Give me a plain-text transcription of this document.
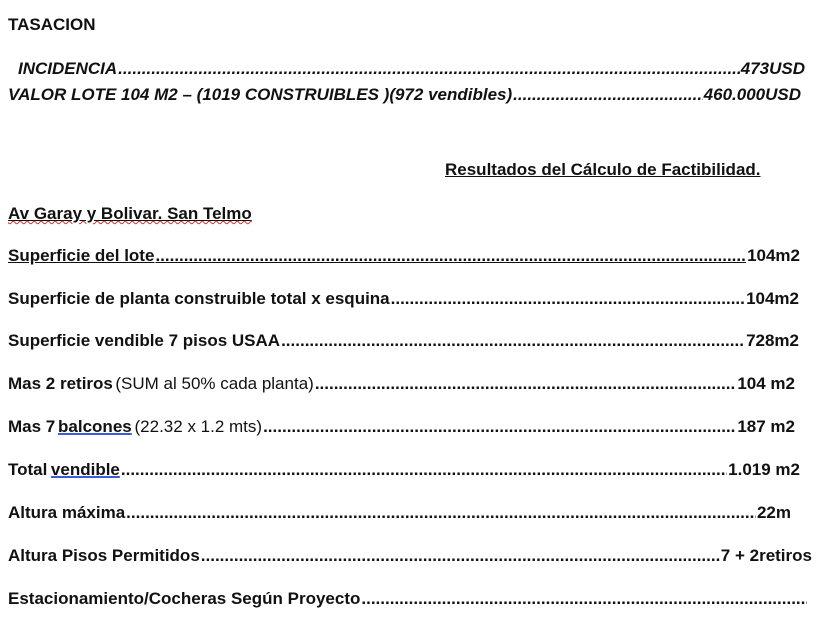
TASACION
INCIDENCIA .....	473USD
VALOR LOTE 104 M2 – (1019 CONSTRUIBLES )(972 vendibles) .....	460.000USD
Resultados del Cálculo de Factibilidad.
Av Garay y Bolivar. San Telmo
Superficie del lote .....	104m2
Superficie de planta construible total x esquina .....	104m2
Superficie vendible 7 pisos USAA .....	728m2
Mas 2 retiros (SUM al 50% cada planta) .....	104 m2
Mas 7 balcones (22.32 x 1.2 mts) .....	187 m2
Total vendible .....	1.019 m2
Altura máxima .....	22m
Altura Pisos Permitidos .....	7 + 2retiros
Estacionamiento/Cocheras Según Proyecto
.....
